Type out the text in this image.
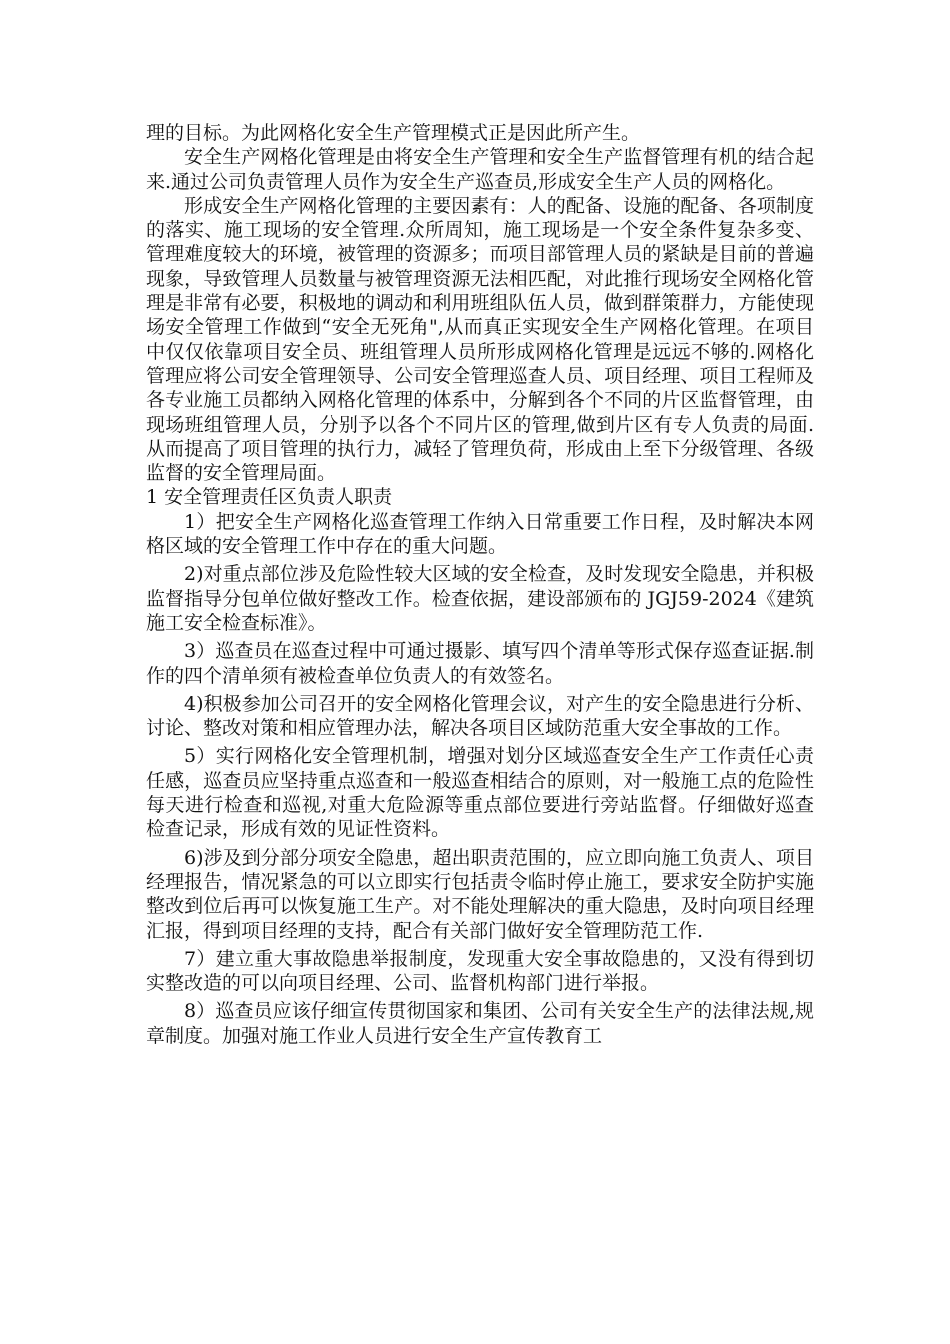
理的目标。为此网格化安全生产管理模式正是因此所产生。

安全生产网格化管理是由将安全生产管理和安全生产监督管理有机的结合起来.通过公司负责管理人员作为安全生产巡查员,形成安全生产人员的网格化。

形成安全生产网格化管理的主要因素有：人的配备、设施的配备、各项制度的落实、施工现场的安全管理.众所周知，施工现场是一个安全条件复杂多变、管理难度较大的环境，被管理的资源多；而项目部管理人员的紧缺是目前的普遍现象，导致管理人员数量与被管理资源无法相匹配，对此推行现场安全网格化管理是非常有必要，积极地的调动和利用班组队伍人员，做到群策群力，方能使现场安全管理工作做到“安全无死角",从而真正实现安全生产网格化管理。在项目中仅仅依靠项目安全员、班组管理人员所形成网格化管理是远远不够的.网格化管理应将公司安全管理领导、公司安全管理巡查人员、项目经理、项目工程师及各专业施工员都纳入网格化管理的体系中，分解到各个不同的片区监督管理，由现场班组管理人员，分别予以各个不同片区的管理,做到片区有专人负责的局面.从而提高了项目管理的执行力，减轻了管理负荷，形成由上至下分级管理、各级监督的安全管理局面。

1 安全管理责任区负责人职责

1）把安全生产网格化巡查管理工作纳入日常重要工作日程，及时解决本网格区域的安全管理工作中存在的重大问题。

2)对重点部位涉及危险性较大区域的安全检查，及时发现安全隐患，并积极监督指导分包单位做好整改工作。检查依据，建设部颁布的 JGJ59-2024《建筑施工安全检查标准》。

3）巡查员在巡查过程中可通过摄影、填写四个清单等形式保存巡查证据.制作的四个清单须有被检查单位负责人的有效签名。

4)积极参加公司召开的安全网格化管理会议，对产生的安全隐患进行分析、讨论、整改对策和相应管理办法，解决各项目区域防范重大安全事故的工作。

5）实行网格化安全管理机制，增强对划分区域巡查安全生产工作责任心责任感，巡查员应坚持重点巡查和一般巡查相结合的原则，对一般施工点的危险性每天进行检查和巡视,对重大危险源等重点部位要进行旁站监督。仔细做好巡查检查记录，形成有效的见证性资料。

6)涉及到分部分项安全隐患，超出职责范围的，应立即向施工负责人、项目经理报告，情况紧急的可以立即实行包括责令临时停止施工，要求安全防护实施整改到位后再可以恢复施工生产。对不能处理解决的重大隐患，及时向项目经理汇报，得到项目经理的支持，配合有关部门做好安全管理防范工作.

7）建立重大事故隐患举报制度，发现重大安全事故隐患的，又没有得到切实整改造的可以向项目经理、公司、监督机构部门进行举报。

8）巡查员应该仔细宣传贯彻国家和集团、公司有关安全生产的法律法规,规章制度。加强对施工作业人员进行安全生产宣传教育工
